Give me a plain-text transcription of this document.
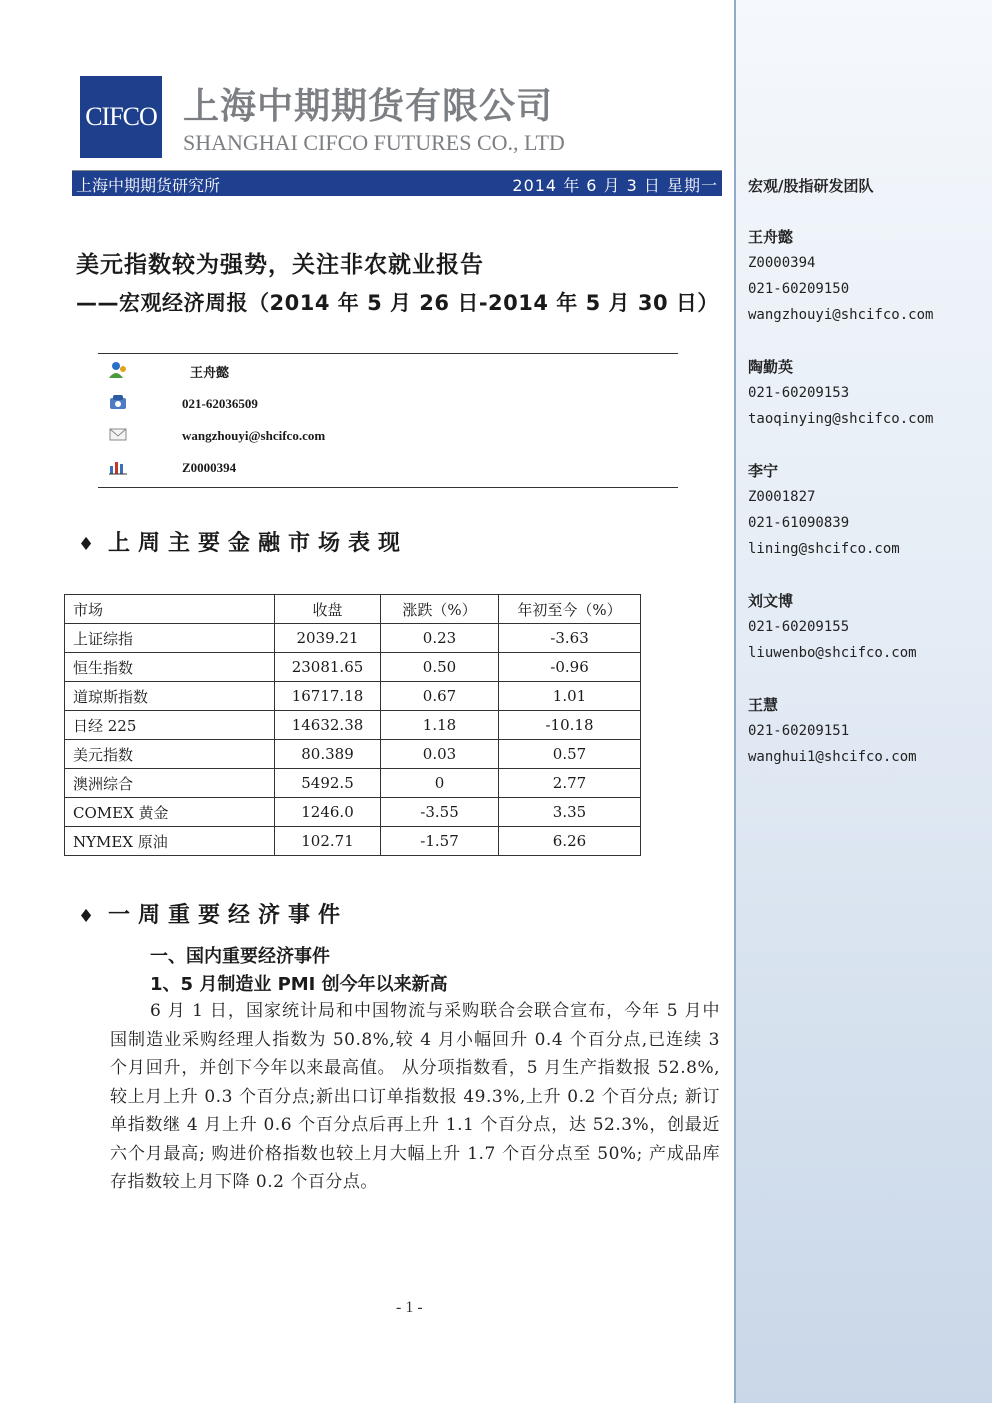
CIFCO 上海中期期货有限公司
SHANGHAI CIFCO FUTURES CO., LTD
上海中期期货研究所	2014 年 6 月 3 日 星期一
美元指数较为强势，关注非农就业报告
——宏观经济周报（2014 年 5 月 26 日-2014 年 5 月 30 日）
王舟懿
021-62036509
wangzhouyi@shcifco.com
Z0000394
♦ 上周主要金融市场表现
市场	收盘	涨跌（%）	年初至今（%）
上证综指	2039.21	0.23	-3.63
恒生指数	23081.65	0.50	-0.96
道琼斯指数	16717.18	0.67	1.01
日经 225	14632.38	1.18	-10.18
美元指数	80.389	0.03	0.57
澳洲综合	5492.5	0	2.77
COMEX 黄金	1246.0	-3.55	3.35
NYMEX 原油	102.71	-1.57	6.26
♦ 一周重要经济事件
一、国内重要经济事件
1、5 月制造业 PMI 创今年以来新高
6 月 1 日，国家统计局和中国物流与采购联合会联合宣布，今年 5 月中国制造业采购经理人指数为 50.8%,较 4 月小幅回升 0.4 个百分点,已连续 3 个月回升，并创下今年以来最高值。 从分项指数看，5 月生产指数报 52.8%,较上月上升 0.3 个百分点;新出口订单指数报 49.3%,上升 0.2 个百分点; 新订单指数继 4 月上升 0.6 个百分点后再上升 1.1 个百分点，达 52.3%，创最近六个月最高; 购进价格指数也较上月大幅上升 1.7 个百分点至 50%; 产成品库存指数较上月下降 0.2 个百分点。
- 1 -
宏观/股指研发团队
王舟懿
Z0000394
021-60209150
wangzhouyi@shcifco.com
陶勤英
021-60209153
taoqinying@shcifco.com
李宁
Z0001827
021-61090839
lining@shcifco.com
刘文博
021-60209155
liuwenbo@shcifco.com
王慧
021-60209151
wanghui1@shcifco.com
